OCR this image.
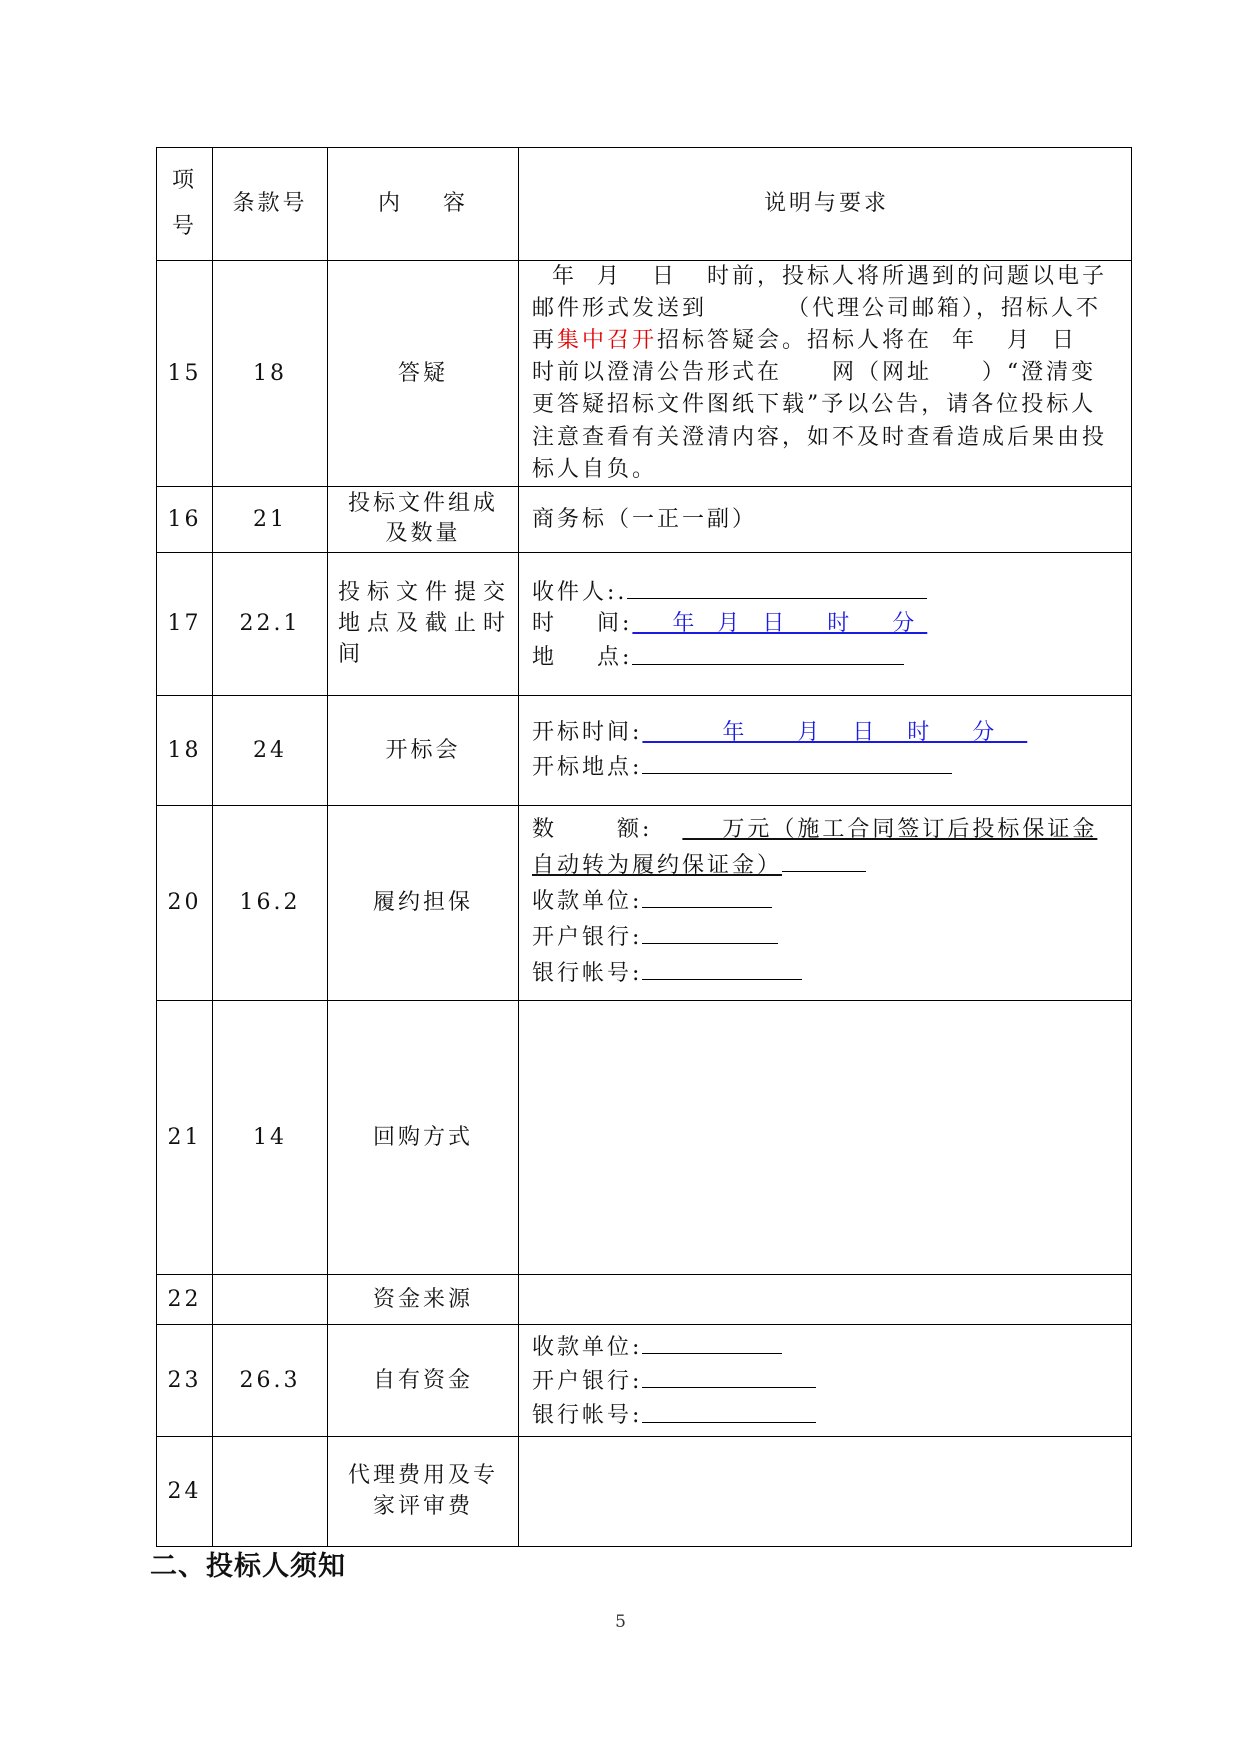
项
号	条款号	内    容	说明与要求
15	18	答疑	年  月   日   时前，投标人将所遇到的问题以电子邮件形式发送到        （代理公司邮箱），招标人不再集中召开招标答疑会。招标人将在  年   月  日  时前以澄清公告形式在     网（网址     ）“澄清变更答疑招标文件图纸下载”予以公告，请各位投标人注意查看有关澄清内容，如不及时查看造成后果由投标人自负。
16	21	投标文件组成及数量	商务标（一正一副）
17	22.1	投标文件提交地点及截止时间	收件人:.
时    间:    年  月  日    时    分
地    点:

18	24	开标会	开标时间:        年     月   日   时    分
开标地点:

20	16.2	履约担保	数      额:    万元（施工合同签订后投标保证金自动转为履约保证金）
收款单位:
开户银行:
银行帐号:

21	14	回购方式	
22		资金来源	
23	26.3	自有资金	收款单位:
开户银行:
银行帐号:

24		代理费用及专家评审费	
二、投标人须知
5
